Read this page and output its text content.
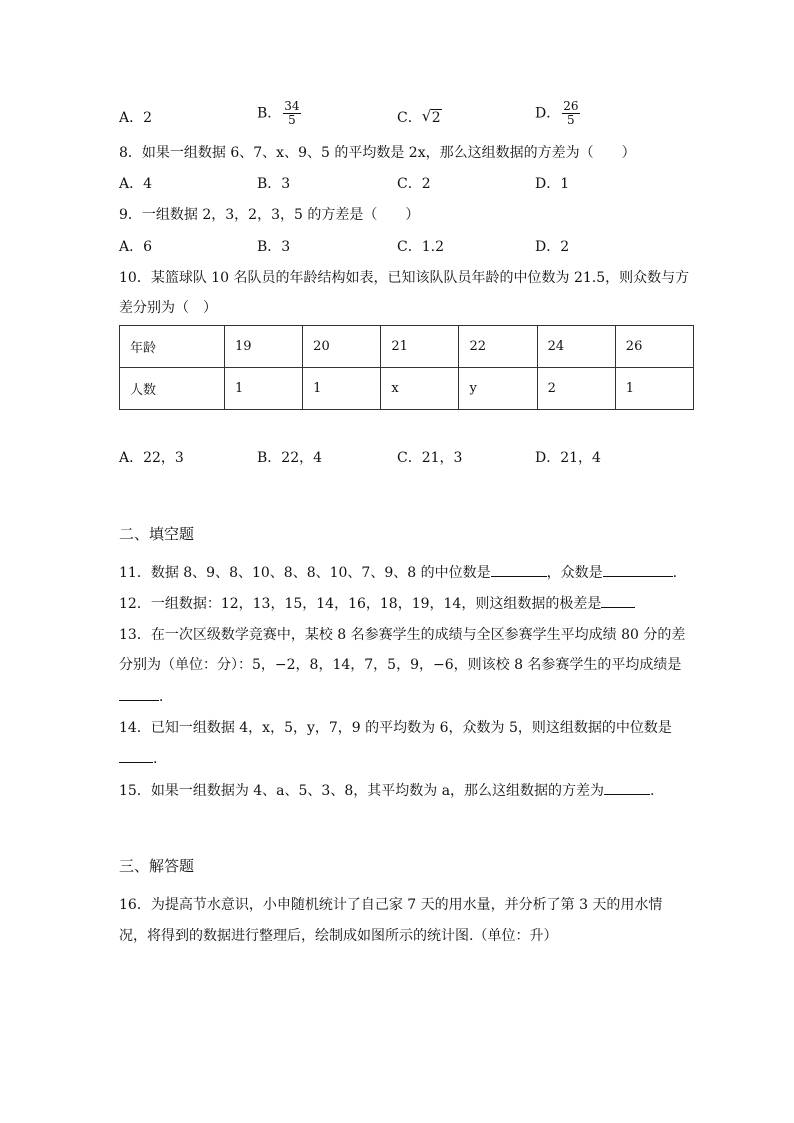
A．2	B． $\frac{34}{5}$	C． √ 2	D． $\frac{26}{5}$
8．如果一组数据 6、7、x、9、5 的平均数是 2x，那么这组数据的方差为（　　）
A．4	B．3	C．2	D．1
9．一组数据 2，3，2，3，5 的方差是（　　）
A．6	B．3	C．1.2	D．2
10．某篮球队 10 名队员的年龄结构如表，已知该队队员年龄的中位数为 21.5，则众数与方
差分别为（　）
年龄	19	20	21	22	24	26
人数	1	1	x	y	2	1
A．22，3	B．22，4	C．21，3	D．21，4
二、填空题
11．数据 8、9、8、10、8、8、10、7、9、8 的中位数是	，众数是	.
12．一组数据：12，13，15，14，16，18，19，14，则这组数据的极差是
13．在一次区级数学竞赛中，某校 8 名参赛学生的成绩与全区参赛学生平均成绩 80 分的差
分别为（单位：分）：5，−2，8，14，7，5，9，−6，则该校 8 名参赛学生的平均成绩是
．
14．已知一组数据 4，x，5，y，7，9 的平均数为 6，众数为 5，则这组数据的中位数是
.
15．如果一组数据为 4、a、5、3、8，其平均数为 a，那么这组数据的方差为	.
三、解答题
16．为提高节水意识，小申随机统计了自己家 7 天的用水量，并分析了第 3 天的用水情
况，将得到的数据进行整理后，绘制成如图所示的统计图.（单位：升）
